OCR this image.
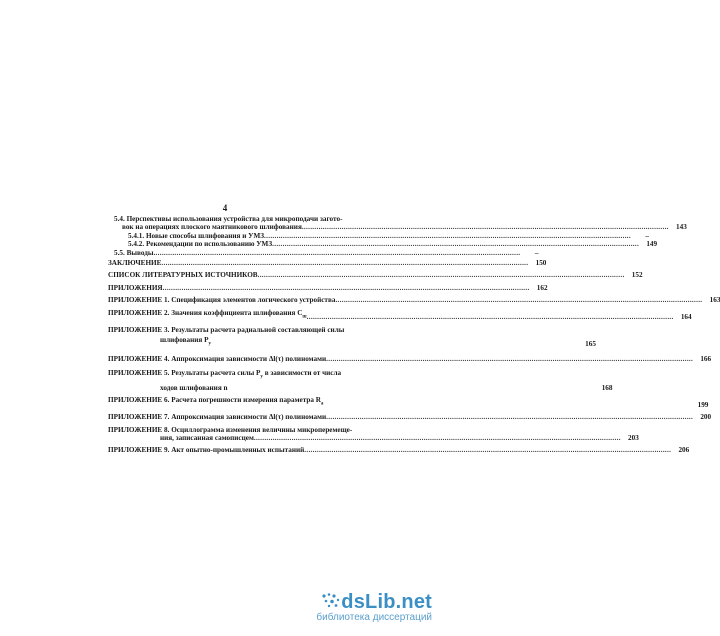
4
5.4. Перспективы использования устройства для микроподачи загото-
вок на операциях плоского маятникового шлифования ...............................................................................................................................................................................	143
5.4.1. Новые способы шлифования и УМЗ ...............................................................................................................................................................................	–
5.4.2. Рекомендации по использованию УМЗ ...............................................................................................................................................................................	149
5.5. Выводы ...............................................................................................................................................................................	–
ЗАКЛЮЧЕНИЕ ...............................................................................................................................................................................	150
СПИСОК ЛИТЕРАТУРНЫХ ИСТОЧНИКОВ ...............................................................................................................................................................................	152
ПРИЛОЖЕНИЯ ...............................................................................................................................................................................	162
ПРИЛОЖЕНИЕ 1. Спецификация элементов логического устройства ...............................................................................................................................................................................	163
ПРИЛОЖЕНИЕ 2. Значения коэффициента шлифования $C_ш$ ...............................................................................................................................................................................	164
ПРИЛОЖЕНИЕ 3. Результаты расчета радиальной составляющей силы
шлифования $P_y$	165
ПРИЛОЖЕНИЕ 4. Аппроксимация зависимости Δl(τ) полиномами ...............................................................................................................................................................................	166
ПРИЛОЖЕНИЕ 5. Результаты расчета силы $P_y$ в зависимости от числа
ходов шлифования n	168
ПРИЛОЖЕНИЕ 6. Расчета погрешности измерения параметра $R_a$	199
ПРИЛОЖЕНИЕ 7. Аппроксимация зависимости Δl(τ) полиномами ...............................................................................................................................................................................	200
ПРИЛОЖЕНИЕ 8. Осциллограмма изменения величины микроперемеще-
ния, записанная самописцем ...............................................................................................................................................................................	203
ПРИЛОЖЕНИЕ 9. Акт опытно-промышленных испытаний ...............................................................................................................................................................................	206
dsLib.net
библиотека диссертаций
